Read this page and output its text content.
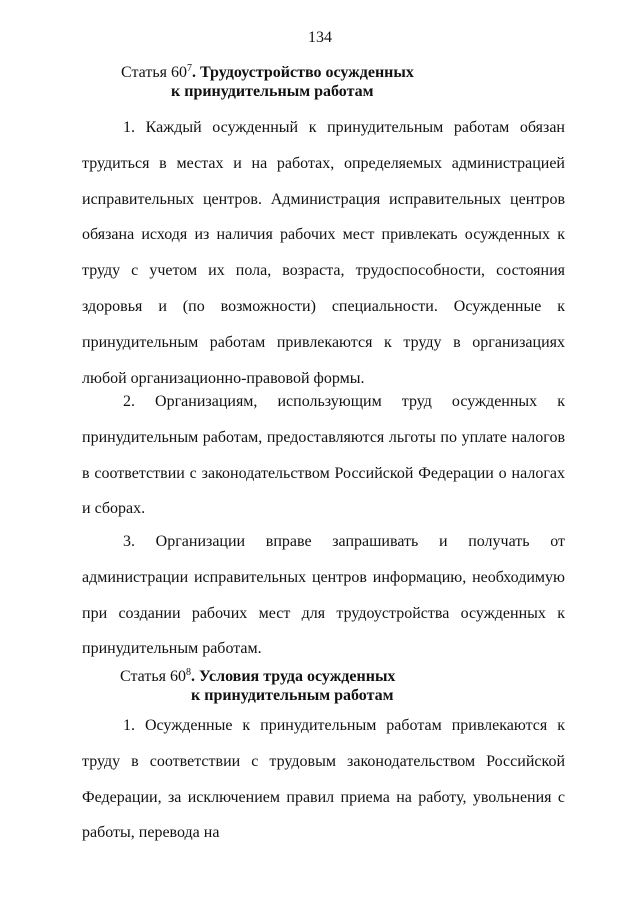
134
Статья $60^7$. Трудоустройство осужденных
к принудительным работам

1. Каждый осужденный к принудительным работам обязан трудиться в местах и на работах, определяемых администрацией исправительных центров. Администрация исправительных центров обязана исходя из наличия рабочих мест привлекать осужденных к труду с учетом их пола, возраста, трудоспособности, состояния здоровья и (по возможности) специальности. Осужденные к принудительным работам привлекаются к труду в организациях любой организационно-правовой формы.

2. Организациям, использующим труд осужденных к принудительным работам, предоставляются льготы по уплате налогов в соответствии с законодательством Российской Федерации о налогах и сборах.

3. Организации вправе запрашивать и получать от администрации исправительных центров информацию, необходимую при создании рабочих мест для трудоустройства осужденных к принудительным работам.

Статья $60^8$. Условия труда осужденных
к принудительным работам

1. Осужденные к принудительным работам привлекаются к труду в соответствии с трудовым законодательством Российской Федерации, за исключением правил приема на работу, увольнения с работы, перевода на
